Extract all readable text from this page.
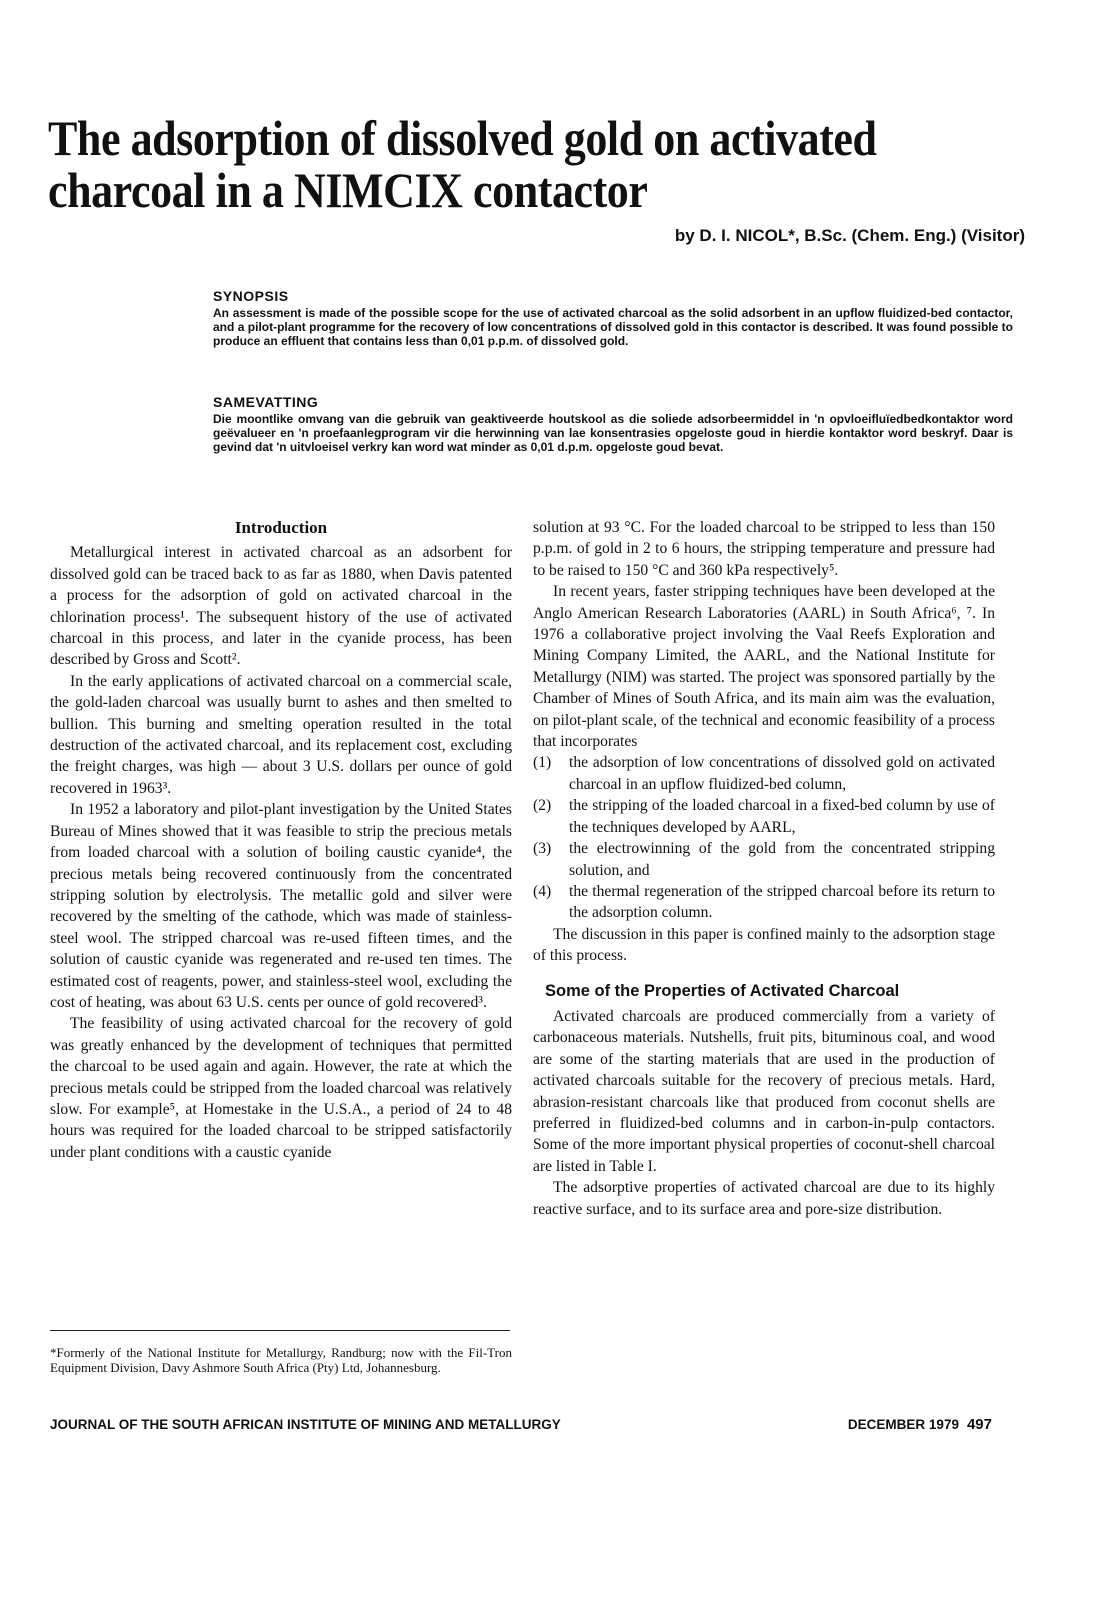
The adsorption of dissolved gold on activated charcoal in a NIMCIX contactor
by D. I. NICOL*, B.Sc. (Chem. Eng.) (Visitor)
SYNOPSIS

An assessment is made of the possible scope for the use of activated charcoal as the solid adsorbent in an upflow fluidized-bed contactor, and a pilot-plant programme for the recovery of low concentrations of dissolved gold in this contactor is described. It was found possible to produce an effluent that contains less than 0,01 p.p.m. of dissolved gold.

SAMEVATTING

Die moontlike omvang van die gebruik van geaktiveerde houtskool as die soliede adsorbeermiddel in 'n opvloeifluïedbedkontaktor word geëvalueer en 'n proefaanlegprogram vir die herwinning van lae konsentrasies opgeloste goud in hierdie kontaktor word beskryf. Daar is gevind dat 'n uitvloeisel verkry kan word wat minder as 0,01 d.p.m. opgeloste goud bevat.

Introduction

Metallurgical interest in activated charcoal as an adsorbent for dissolved gold can be traced back to as far as 1880, when Davis patented a process for the adsorption of gold on activated charcoal in the chlorination process¹. The subsequent history of the use of activated charcoal in this process, and later in the cyanide process, has been described by Gross and Scott².

In the early applications of activated charcoal on a commercial scale, the gold-laden charcoal was usually burnt to ashes and then smelted to bullion. This burning and smelting operation resulted in the total destruction of the activated charcoal, and its replacement cost, excluding the freight charges, was high — about 3 U.S. dollars per ounce of gold recovered in 1963³.

In 1952 a laboratory and pilot-plant investigation by the United States Bureau of Mines showed that it was feasible to strip the precious metals from loaded charcoal with a solution of boiling caustic cyanide⁴, the precious metals being recovered continuously from the concentrated stripping solution by electrolysis. The metallic gold and silver were recovered by the smelting of the cathode, which was made of stainless-steel wool. The stripped charcoal was re-used fifteen times, and the solution of caustic cyanide was regenerated and re-used ten times. The estimated cost of reagents, power, and stainless-steel wool, excluding the cost of heating, was about 63 U.S. cents per ounce of gold recovered³.

The feasibility of using activated charcoal for the recovery of gold was greatly enhanced by the development of techniques that permitted the charcoal to be used again and again. However, the rate at which the precious metals could be stripped from the loaded charcoal was relatively slow. For example⁵, at Homestake in the U.S.A., a period of 24 to 48 hours was required for the loaded charcoal to be stripped satisfactorily under plant conditions with a caustic cyanide

solution at 93 °C. For the loaded charcoal to be stripped to less than 150 p.p.m. of gold in 2 to 6 hours, the stripping temperature and pressure had to be raised to 150 °C and 360 kPa respectively⁵.

In recent years, faster stripping techniques have been developed at the Anglo American Research Laboratories (AARL) in South Africa⁶, ⁷. In 1976 a collaborative project involving the Vaal Reefs Exploration and Mining Company Limited, the AARL, and the National Institute for Metallurgy (NIM) was started. The project was sponsored partially by the Chamber of Mines of South Africa, and its main aim was the evaluation, on pilot-plant scale, of the technical and economic feasibility of a process that incorporates

(1)	the adsorption of low concentrations of dissolved gold on activated charcoal in an upflow fluidized-bed column,
(2)	the stripping of the loaded charcoal in a fixed-bed column by use of the techniques developed by AARL,
(3)	the electrowinning of the gold from the concentrated stripping solution, and
(4)	the thermal regeneration of the stripped charcoal before its return to the adsorption column.

The discussion in this paper is confined mainly to the adsorption stage of this process.

Some of the Properties of Activated Charcoal

Activated charcoals are produced commercially from a variety of carbonaceous materials. Nutshells, fruit pits, bituminous coal, and wood are some of the starting materials that are used in the production of activated charcoals suitable for the recovery of precious metals. Hard, abrasion-resistant charcoals like that produced from coconut shells are preferred in fluidized-bed columns and in carbon-in-pulp contactors. Some of the more important physical properties of coconut-shell charcoal are listed in Table I.

The adsorptive properties of activated charcoal are due to its highly reactive surface, and to its surface area and pore-size distribution.

*Formerly of the National Institute for Metallurgy, Randburg; now with the Fil-Tron Equipment Division, Davy Ashmore South Africa (Pty) Ltd, Johannesburg.

JOURNAL OF THE SOUTH AFRICAN INSTITUTE OF MINING AND METALLURGY	DECEMBER 1979 497
